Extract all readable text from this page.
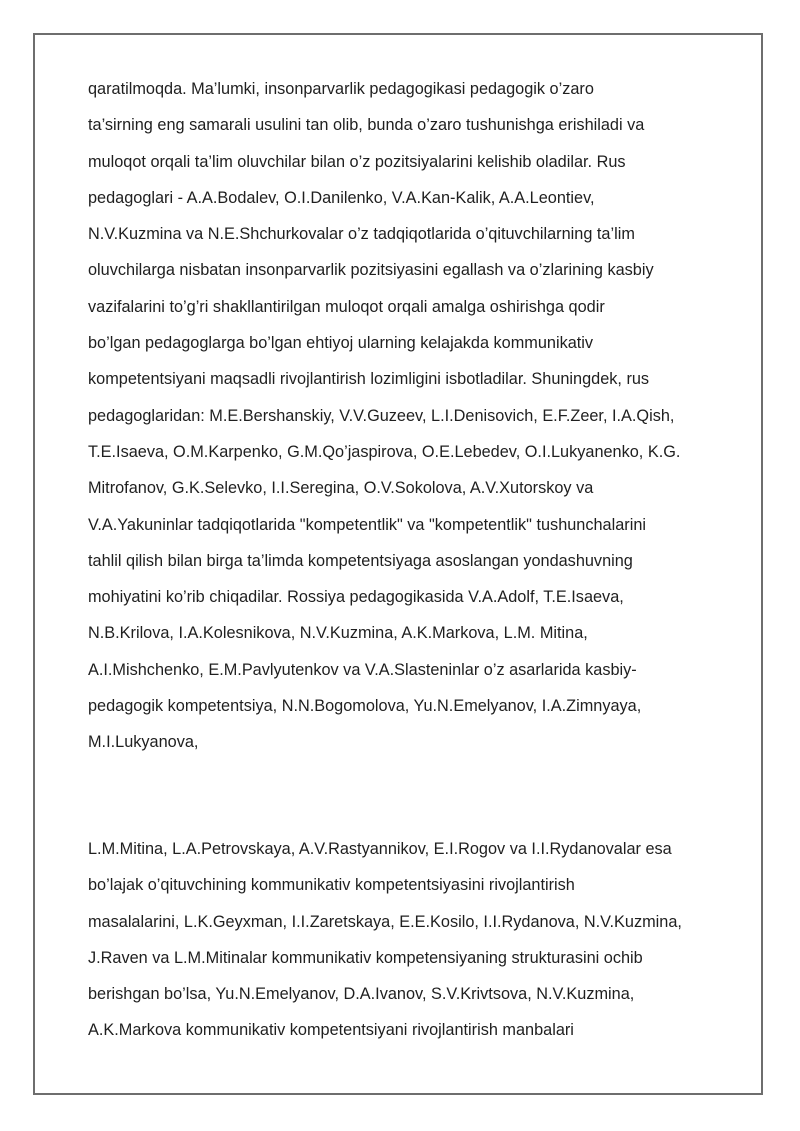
qaratilmoqda. Ma’lumki, insonparvarlik pedagogikasi pedagogik o’zaro
ta’sirning eng samarali usulini tan olib, bunda o’zaro tushunishga erishiladi va
muloqot orqali ta’lim oluvchilar bilan o’z pozitsiyalarini kelishib oladilar. Rus
pedagoglari - A.A.Bodalev, O.I.Danilenko, V.A.Kan-Kalik, A.A.Leontiev,
N.V.Kuzmina va N.E.Shchurkovalar o’z tadqiqotlarida o’qituvchilarning ta’lim
oluvchilarga nisbatan insonparvarlik pozitsiyasini egallash va o’zlarining kasbiy
vazifalarini to’g’ri shakllantirilgan muloqot orqali amalga oshirishga qodir
bo’lgan pedagoglarga bo’lgan ehtiyoj ularning kelajakda kommunikativ
kompetentsiyani maqsadli rivojlantirish lozimligini isbotladilar. Shuningdek, rus
pedagoglaridan: M.E.Bershanskiy, V.V.Guzeev, L.I.Denisovich, E.F.Zeer, I.A.Qish,
T.E.Isaeva, O.M.Karpenko, G.M.Qo’jaspirova, O.E.Lebedev, O.I.Lukyanenko, K.G.
Mitrofanov, G.K.Selevko, I.I.Seregina, O.V.Sokolova, A.V.Xutorskoy va
V.A.Yakuninlar tadqiqotlarida "kompetentlik" va "kompetentlik" tushunchalarini
tahlil qilish bilan birga ta’limda kompetentsiyaga asoslangan yondashuvning
mohiyatini ko’rib chiqadilar. Rossiya pedagogikasida V.A.Adolf, T.E.Isaeva,
N.B.Krilova, I.A.Kolesnikova, N.V.Kuzmina, A.K.Markova, L.M. Mitina,
A.I.Mishchenko, E.M.Pavlyutenkov va V.A.Slasteninlar o’z asarlarida kasbiy-
pedagogik kompetentsiya, N.N.Bogomolova, Yu.N.Emelyanov, I.A.Zimnyaya,
M.I.Lukyanova,

L.M.Mitina, L.A.Petrovskaya, A.V.Rastyannikov, E.I.Rogov va I.I.Rydanovalar esa
bo’lajak o’qituvchining kommunikativ kompetentsiyasini rivojlantirish
masalalarini, L.K.Geyxman, I.I.Zaretskaya, E.E.Kosilo, I.I.Rydanova, N.V.Kuzmina,
J.Raven va L.M.Mitinalar kommunikativ kompetensiyaning strukturasini ochib
berishgan bo’lsa, Yu.N.Emelyanov, D.A.Ivanov, S.V.Krivtsova, N.V.Kuzmina,
A.K.Markova kommunikativ kompetentsiyani rivojlantirish manbalari
